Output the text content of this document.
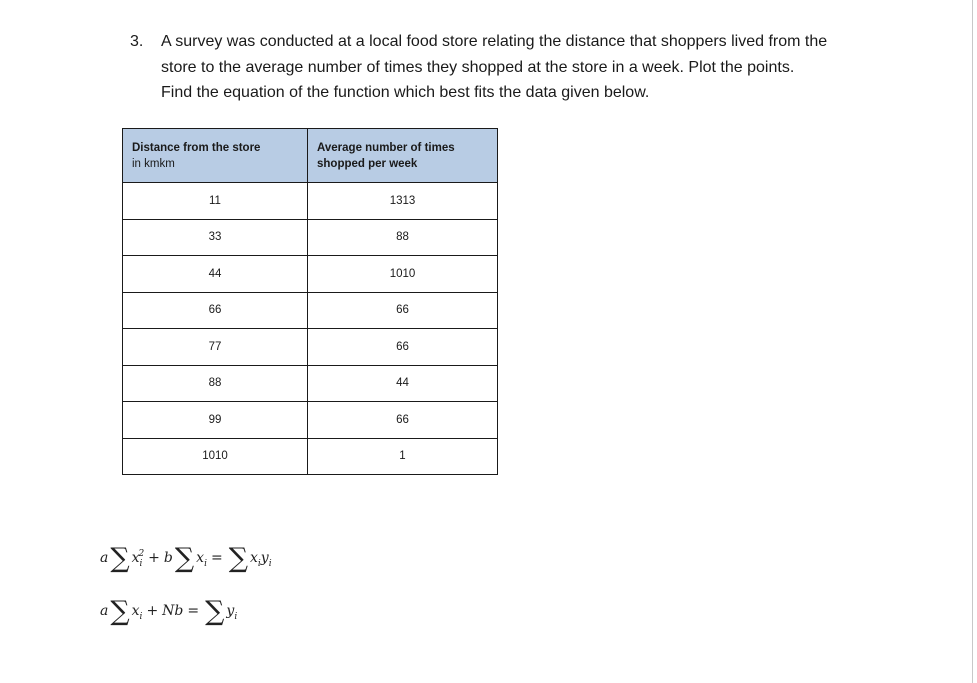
3. A survey was conducted at a local food store relating the distance that shoppers lived from the
store to the average number of times they shopped at the store in a week. Plot the points.
Find the equation of the function which best fits the data given below.
Distance from the store
in kmkm	Average number of times
shopped per week
11	1313
33	88
44	1010
66	66
77	66
88	44
99	66
1010	1
a∑ $x_i^2 + b\sum$ $x_i$ = ∑ $x_iy_i$
a∑ $x_i + Nb$ = ∑ $y_i$
